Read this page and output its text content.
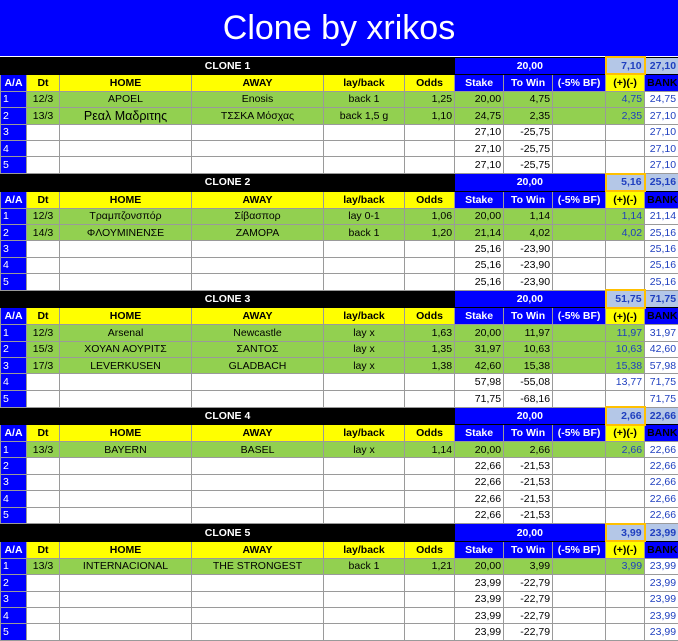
Clone by xrikos
CLONE 1						20,00			7,10	27,10
A/A	Dt	HOME	AWAY	lay/back	Odds	Stake	To Win	(-5% BF)	(+)(-)	BANK
1	12/3	APOEL	Enosis	back 1	1,25	20,00	4,75		4,75	24,75
2	13/3	Ρεαλ Μαδριτης	ΤΣΣΚΑ Μόσχας	back 1,5 g	1,10	24,75	2,35		2,35	27,10
3						27,10	-25,75			27,10
4						27,10	-25,75			27,10
5						27,10	-25,75			27,10
CLONE 2						20,00			5,16	25,16
A/A	Dt	HOME	AWAY	lay/back	Odds	Stake	To Win	(-5% BF)	(+)(-)	BANK
1	12/3	Τραμπζονσπόρ	Σίβασπορ	lay 0-1	1,06	20,00	1,14		1,14	21,14
2	14/3	ΦΛΟΥΜΙΝΕΝΣΕ	ΖΑΜΟΡΑ	back 1	1,20	21,14	4,02		4,02	25,16
3						25,16	-23,90			25,16
4						25,16	-23,90			25,16
5						25,16	-23,90			25,16
CLONE 3						20,00			51,75	71,75
A/A	Dt	HOME	AWAY	lay/back	Odds	Stake	To Win	(-5% BF)	(+)(-)	BANK
1	12/3	Arsenal	Newcastle	lay x	1,63	20,00	11,97		11,97	31,97
2	15/3	ΧΟΥΑΝ ΑΟΥΡΙΤΣ	ΣΑΝΤΟΣ	lay x	1,35	31,97	10,63		10,63	42,60
3	17/3	LEVERKUSEN	GLADBACH	lay x	1,38	42,60	15,38		15,38	57,98
4						57,98	-55,08		13,77	71,75
5						71,75	-68,16			71,75
CLONE 4						20,00			2,66	22,66
A/A	Dt	HOME	AWAY	lay/back	Odds	Stake	To Win	(-5% BF)	(+)(-)	BANK
1	13/3	BAYERN	BASEL	lay x	1,14	20,00	2,66		2,66	22,66
2						22,66	-21,53			22,66
3						22,66	-21,53			22,66
4						22,66	-21,53			22,66
5						22,66	-21,53			22,66
CLONE 5						20,00			3,99	23,99
A/A	Dt	HOME	AWAY	lay/back	Odds	Stake	To Win	(-5% BF)	(+)(-)	BANK
1	13/3	INTERNACIONAL	THE STRONGEST	back 1	1,21	20,00	3,99		3,99	23,99
2						23,99	-22,79			23,99
3						23,99	-22,79			23,99
4						23,99	-22,79			23,99
5						23,99	-22,79			23,99
